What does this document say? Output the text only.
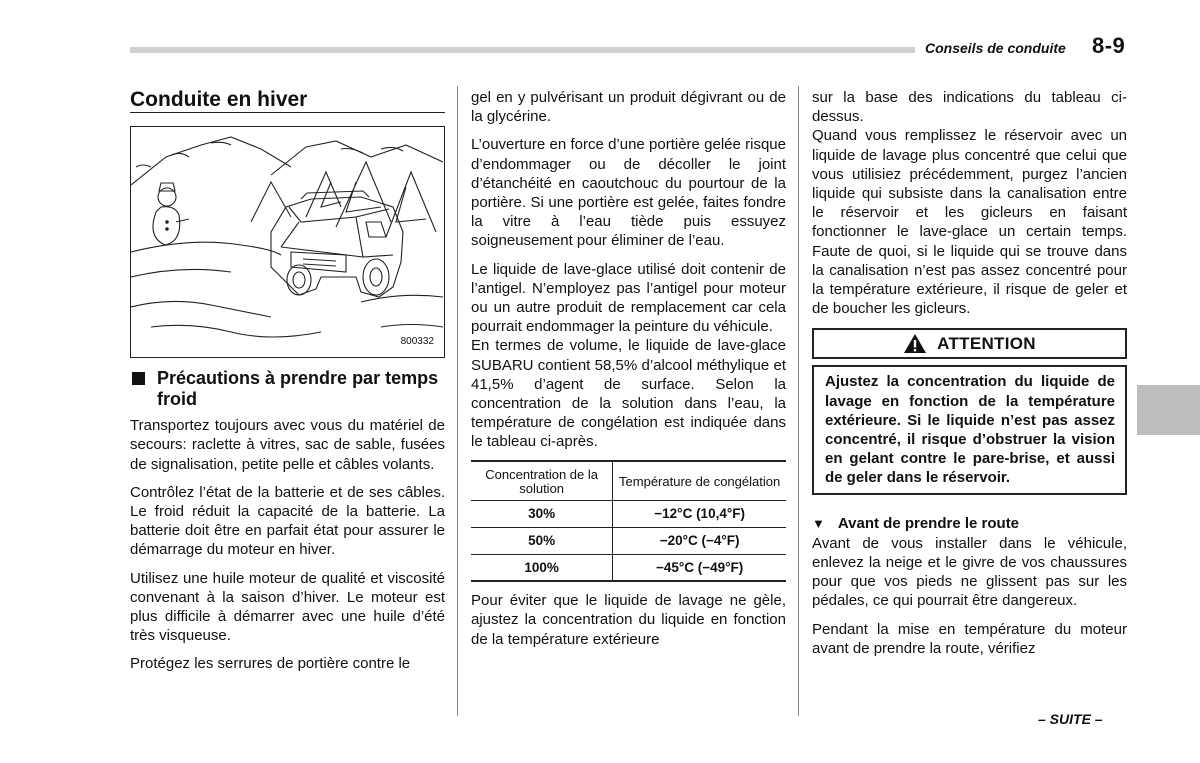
Conseils de conduite 8-9
Conduite en hiver
800332
Précautions à prendre par temps froid

Transportez toujours avec vous du matériel de secours: raclette à vitres, sac de sable, fusées de signalisation, petite pelle et câbles volants.

Contrôlez l’état de la batterie et de ses câbles. Le froid réduit la capacité de la batterie. La batterie doit être en parfait état pour assurer le démarrage du moteur en hiver.

Utilisez une huile moteur de qualité et viscosité convenant à la saison d’hiver. Le moteur est plus difficile à démarrer avec une huile d’été très visqueuse.

Protégez les serrures de portière contre le

gel en y pulvérisant un produit dégivrant ou de la glycérine.

L’ouverture en force d’une portière gelée risque d’endommager ou de décoller le joint d’étanchéité en caoutchouc du pourtour de la portière. Si une portière est gelée, faites fondre la vitre à l’eau tiède puis essuyez soigneusement pour éliminer de l’eau.

Le liquide de lave-glace utilisé doit contenir de l’antigel. N’employez pas l’antigel pour moteur ou un autre produit de remplacement car cela pourrait endommager la peinture du véhicule.

En termes de volume, le liquide de lave-glace SUBARU contient 58,5% d’alcool méthylique et 41,5% d’agent de surface. Selon la concentration de la solution dans l’eau, la température de congélation est indiquée dans le tableau ci-après.

Concentration de la solution	Température de congélation
30%	−12°C (10,4°F)
50%	−20°C (−4°F)
100%	−45°C (−49°F)

Pour éviter que le liquide de lavage ne gèle, ajustez la concentration du liquide en fonction de la température extérieure

sur la base des indications du tableau ci-dessus.

Quand vous remplissez le réservoir avec un liquide de lavage plus concentré que celui que vous utilisiez précédemment, purgez l’ancien liquide qui subsiste dans la canalisation entre le réservoir et les gicleurs en faisant fonctionner le lave-glace un certain temps. Faute de quoi, si le liquide qui se trouve dans la canalisation n’est pas assez concentré pour la température extérieure, il risque de geler et de boucher les gicleurs.

ATTENTION
Ajustez la concentration du liquide de lavage en fonction de la température extérieure. Si le liquide n’est pas assez concentré, il risque d’obstruer la vision en gelant contre le pare-brise, et aussi de geler dans le réservoir.
▼ Avant de prendre le route

Avant de vous installer dans le véhicule, enlevez la neige et le givre de vos chaussures pour que vos pieds ne glissent pas sur les pédales, ce qui pourrait être dangereux.

Pendant la mise en température du moteur avant de prendre la route, vérifiez

– SUITE –
